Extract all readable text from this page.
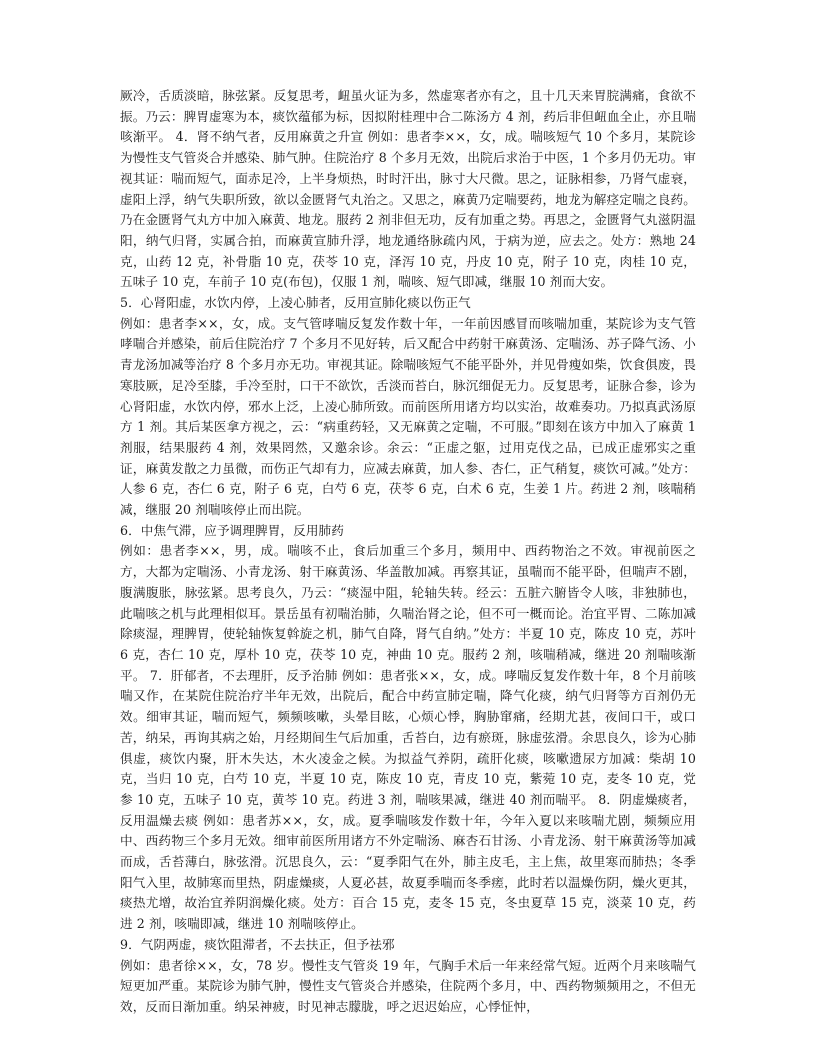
厥冷，舌质淡暗，脉弦紧。反复思考，衄虽火证为多，然虚寒者亦有之，且十几天来胃脘满痛，食欲不振。乃云：脾胃虚寒为本，痰饮蕴郁为标，因拟附桂理中合二陈汤方 4 剂，药后非但衄血全止，亦且喘咳渐平。 4．肾不纳气者，反用麻黄之升宣 例如：患者李××，女，成。喘咳短气 10 个多月，某院诊为慢性支气管炎合并感染、肺气肿。住院治疗 8 个多月无效，出院后求治于中医，1 个多月仍无功。审视其证：喘而短气，面赤足冷，上半身烦热，时时汗出，脉寸大尺微。思之，证脉相参，乃肾气虚衰，虚阳上浮，纳气失职所致，欲以金匮肾气丸治之。又思之，麻黄乃定喘要药，地龙为解痉定喘之良药。乃在金匮肾气丸方中加入麻黄、地龙。服药 2 剂非但无功，反有加重之势。再思之，金匮肾气丸滋阴温阳，纳气归肾，实属合拍，而麻黄宣肺升浮，地龙通络脉疏内风，于病为逆，应去之。处方：熟地 24 克，山药 12 克，补骨脂 10 克，茯苓 10 克，泽泻 10 克，丹皮 10 克，附子 10 克，肉桂 10 克，五味子 10 克，车前子 10 克(布包)，仅服 1 剂，喘咳、短气即减，继服 10 剂而大安。

5．心肾阳虚，水饮内停，上凌心肺者，反用宣肺化痰以伤正气

例如：患者李××，女，成。支气管哮喘反复发作数十年，一年前因感冒而咳喘加重，某院诊为支气管哮喘合并感染，前后住院治疗 7 个多月不见好转，后又配合中药射干麻黄汤、定喘汤、苏子降气汤、小青龙汤加减等治疗 8 个多月亦无功。审视其证。除喘咳短气不能平卧外，并见骨瘦如柴，饮食俱废，畏寒肢厥，足冷至膝，手冷至肘，口干不欲饮，舌淡而苔白，脉沉细促无力。反复思考，证脉合参，诊为心肾阳虚，水饮内停，邪水上泛，上凌心肺所致。而前医所用诸方均以实治，故难奏功。乃拟真武汤原方 1 剂。其后某医拿方视之，云：“病重药轻，又无麻黄之定喘，不可服。”即刻在该方中加入了麻黄 1 剂服，结果服药 4 剂，效果罔然，又邀余诊。余云：“正虚之躯，过用克伐之品，已成正虚邪实之重证，麻黄发散之力虽微，而伤正气却有力，应减去麻黄，加人参、杏仁，正气稍复，痰饮可减。”处方：人参 6 克，杏仁 6 克，附子 6 克，白芍 6 克，茯苓 6 克，白术 6 克，生姜 1 片。药进 2 剂，咳喘稍减，继服 20 剂喘咳停止而出院。

6．中焦气滞，应予调理脾胃，反用肺药

例如：患者李××，男，成。喘咳不止，食后加重三个多月，频用中、西药物治之不效。审视前医之方，大都为定喘汤、小青龙汤、射干麻黄汤、华盖散加减。再察其证，虽喘而不能平卧，但喘声不剧，腹满腹胀，脉弦紧。思考良久，乃云：“痰湿中阻，轮轴失转。经云：五脏六腑皆令人咳，非独肺也，此喘咳之机与此理相似耳。景岳虽有初喘治肺，久喘治肾之论，但不可一概而论。治宜平胃、二陈加减除痰湿，理脾胃，使轮轴恢复斡旋之机，肺气自降，肾气自纳。”处方：半夏 10 克，陈皮 10 克，苏叶 6 克，杏仁 10 克，厚朴 10 克，茯苓 10 克，神曲 10 克。服药 2 剂，咳喘稍减，继进 20 剂喘咳渐平。 7．肝郁者，不去理肝，反予治肺 例如：患者张××，女，成。哮喘反复发作数十年，8 个月前咳喘又作，在某院住院治疗半年无效，出院后，配合中药宣肺定喘，降气化痰，纳气归肾等方百剂仍无效。细审其证，喘而短气，频频咳嗽，头晕目眩，心烦心悸，胸胁窜痛，经期尤甚，夜间口干，或口苦，纳呆，再询其病之始，月经期间生气后加重，舌苔白，边有瘀斑，脉虚弦滑。余思良久，诊为心肺俱虚，痰饮内聚，肝木失达，木火凌金之候。为拟益气养阴，疏肝化痰，咳嗽遗尿方加减：柴胡 10 克，当归 10 克，白芍 10 克，半夏 10 克，陈皮 10 克，青皮 10 克，紫菀 10 克，麦冬 10 克，党参 10 克，五味子 10 克，黄芩 10 克。药进 3 剂，喘咳果减，继进 40 剂而喘平。 8．阴虚燥痰者，反用温燥去痰 例如：患者苏××，女，成。夏季喘咳发作数十年，今年入夏以来咳喘尤剧，频频应用中、西药物三个多月无效。细审前医所用诸方不外定喘汤、麻杏石甘汤、小青龙汤、射干麻黄汤等加减而成，舌苔薄白，脉弦滑。沉思良久，云：“夏季阳气在外，肺主皮毛，主上焦，故里寒而肺热；冬季阳气入里，故肺寒而里热，阴虚燥痰，人夏必甚，故夏季喘而冬季瘥，此时若以温燥伤阴，燥火更其，痰热尤增，故治宜养阴润燥化痰。处方：百合 15 克，麦冬 15 克，冬虫夏草 15 克，淡菜 10 克，药进 2 剂，咳喘即减，继进 10 剂喘咳停止。

9．气阴两虚，痰饮阻滞者，不去扶正，但予祛邪

例如：患者徐××，女，78 岁。慢性支气管炎 19 年，气胸手术后一年来经常气短。近两个月来咳喘气短更加严重。某院诊为肺气肿，慢性支气管炎合并感染，住院两个多月，中、西药物频频用之，不但无效，反而日渐加重。纳呆神疲，时见神志朦胧，呼之迟迟始应，心悸怔忡，
